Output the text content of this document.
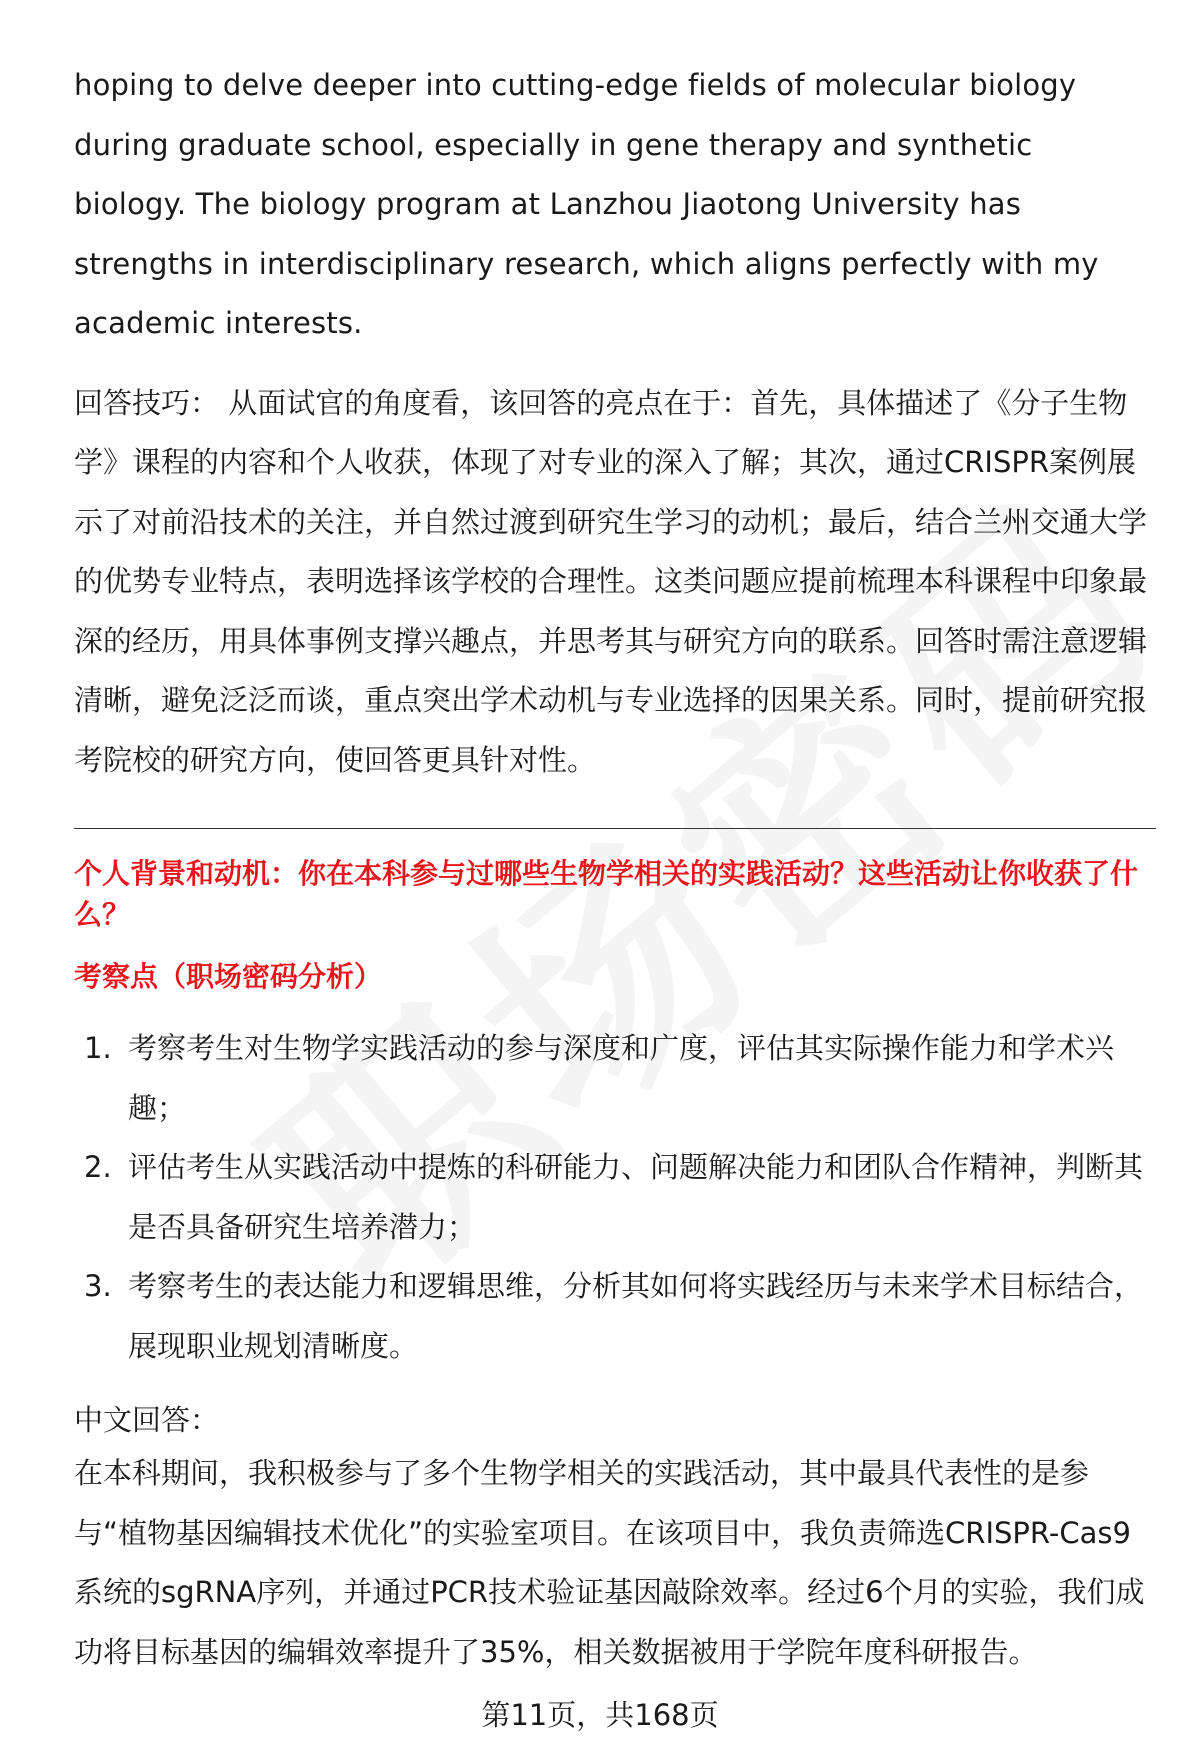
hoping to delve deeper into cutting-edge fields of molecular biology during graduate school, especially in gene therapy and synthetic biology. The biology program at Lanzhou Jiaotong University has strengths in interdisciplinary research, which aligns perfectly with my academic interests.

回答技巧： 从面试官的角度看，该回答的亮点在于：首先，具体描述了《分子生物学》课程的内容和个人收获，体现了对专业的深入了解；其次，通过CRISPR案例展示了对前沿技术的关注，并自然过渡到研究生学习的动机；最后，结合兰州交通大学的优势专业特点，表明选择该学校的合理性。这类问题应提前梳理本科课程中印象最深的经历，用具体事例支撑兴趣点，并思考其与研究方向的联系。回答时需注意逻辑清晰，避免泛泛而谈，重点突出学术动机与专业选择的因果关系。同时，提前研究报考院校的研究方向，使回答更具针对性。

个人背景和动机：你在本科参与过哪些生物学相关的实践活动？这些活动让你收获了什么？
考察点（职场密码分析）
1. 考察考生对生物学实践活动的参与深度和广度，评估其实际操作能力和学术兴趣；
2. 评估考生从实践活动中提炼的科研能力、问题解决能力和团队合作精神，判断其是否具备研究生培养潜力；
3. 考察考生的表达能力和逻辑思维，分析其如何将实践经历与未来学术目标结合，展现职业规划清晰度。
中文回答：

在本科期间，我积极参与了多个生物学相关的实践活动，其中最具代表性的是参与“植物基因编辑技术优化”的实验室项目。在该项目中，我负责筛选CRISPR-Cas9系统的sgRNA序列，并通过PCR技术验证基因敲除效率。经过6个月的实验，我们成功将目标基因的编辑效率提升了35%，相关数据被用于学院年度科研报告。

第11页，共168页
